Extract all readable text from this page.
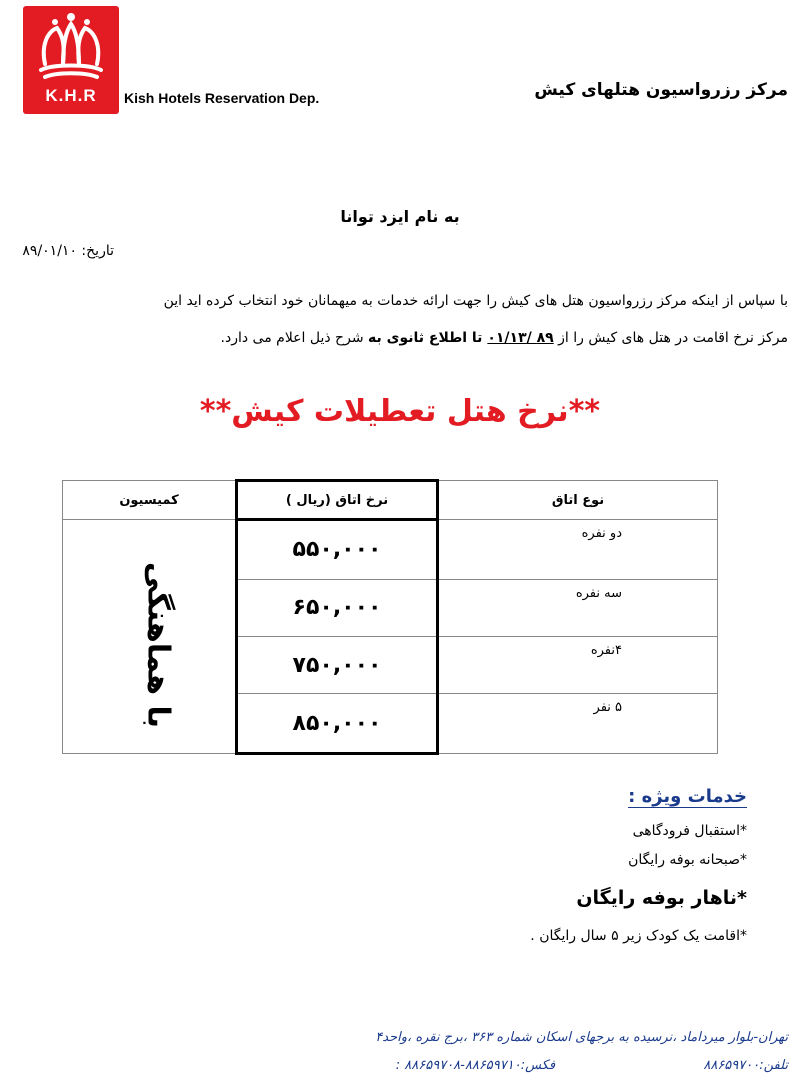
K.H.R	Kish Hotels Reservation Dep.	مرکز رزرواسیون هتلهای کیش
به نام ایزد توانا
تاریخ: ۸۹/۰۱/۱۰
با سپاس از اینکه مرکز رزرواسیون هتل های کیش را جهت ارائه خدمات به میهمانان خود انتخاب کرده اید این
مرکز نرخ اقامت در هتل های کیش را از ۸۹ /۰۱/۱۳ تا اطلاع ثانوی به شرح ذیل اعلام می دارد.
**نرخ هتل تعطیلات کیش**
کمیسیون	نرخ اتاق (ریال )	نوع اتاق

با هماهنگی	۵۵۰,۰۰۰	دو نفره
	۶۵۰,۰۰۰	سه نفره
	۷۵۰,۰۰۰	۴نفره
	۸۵۰,۰۰۰	۵ نفر
خدمات ویژه :
*استقبال فرودگاهی
*صبحانه بوفه رایگان
*ناهار بوفه رایگان
*اقامت یک کودک زیر ۵ سال رایگان .
تهران-بلوار میرداماد ،نرسیده به برجهای اسکان شماره ۳۶۳ ،برج نقره ،واحد۴
تلفن:۸۸۶۵۹۷۰۰  فکس:۸۸۶۵۹۷۱۰-۸۸۶۵۹۷۰۸ :
